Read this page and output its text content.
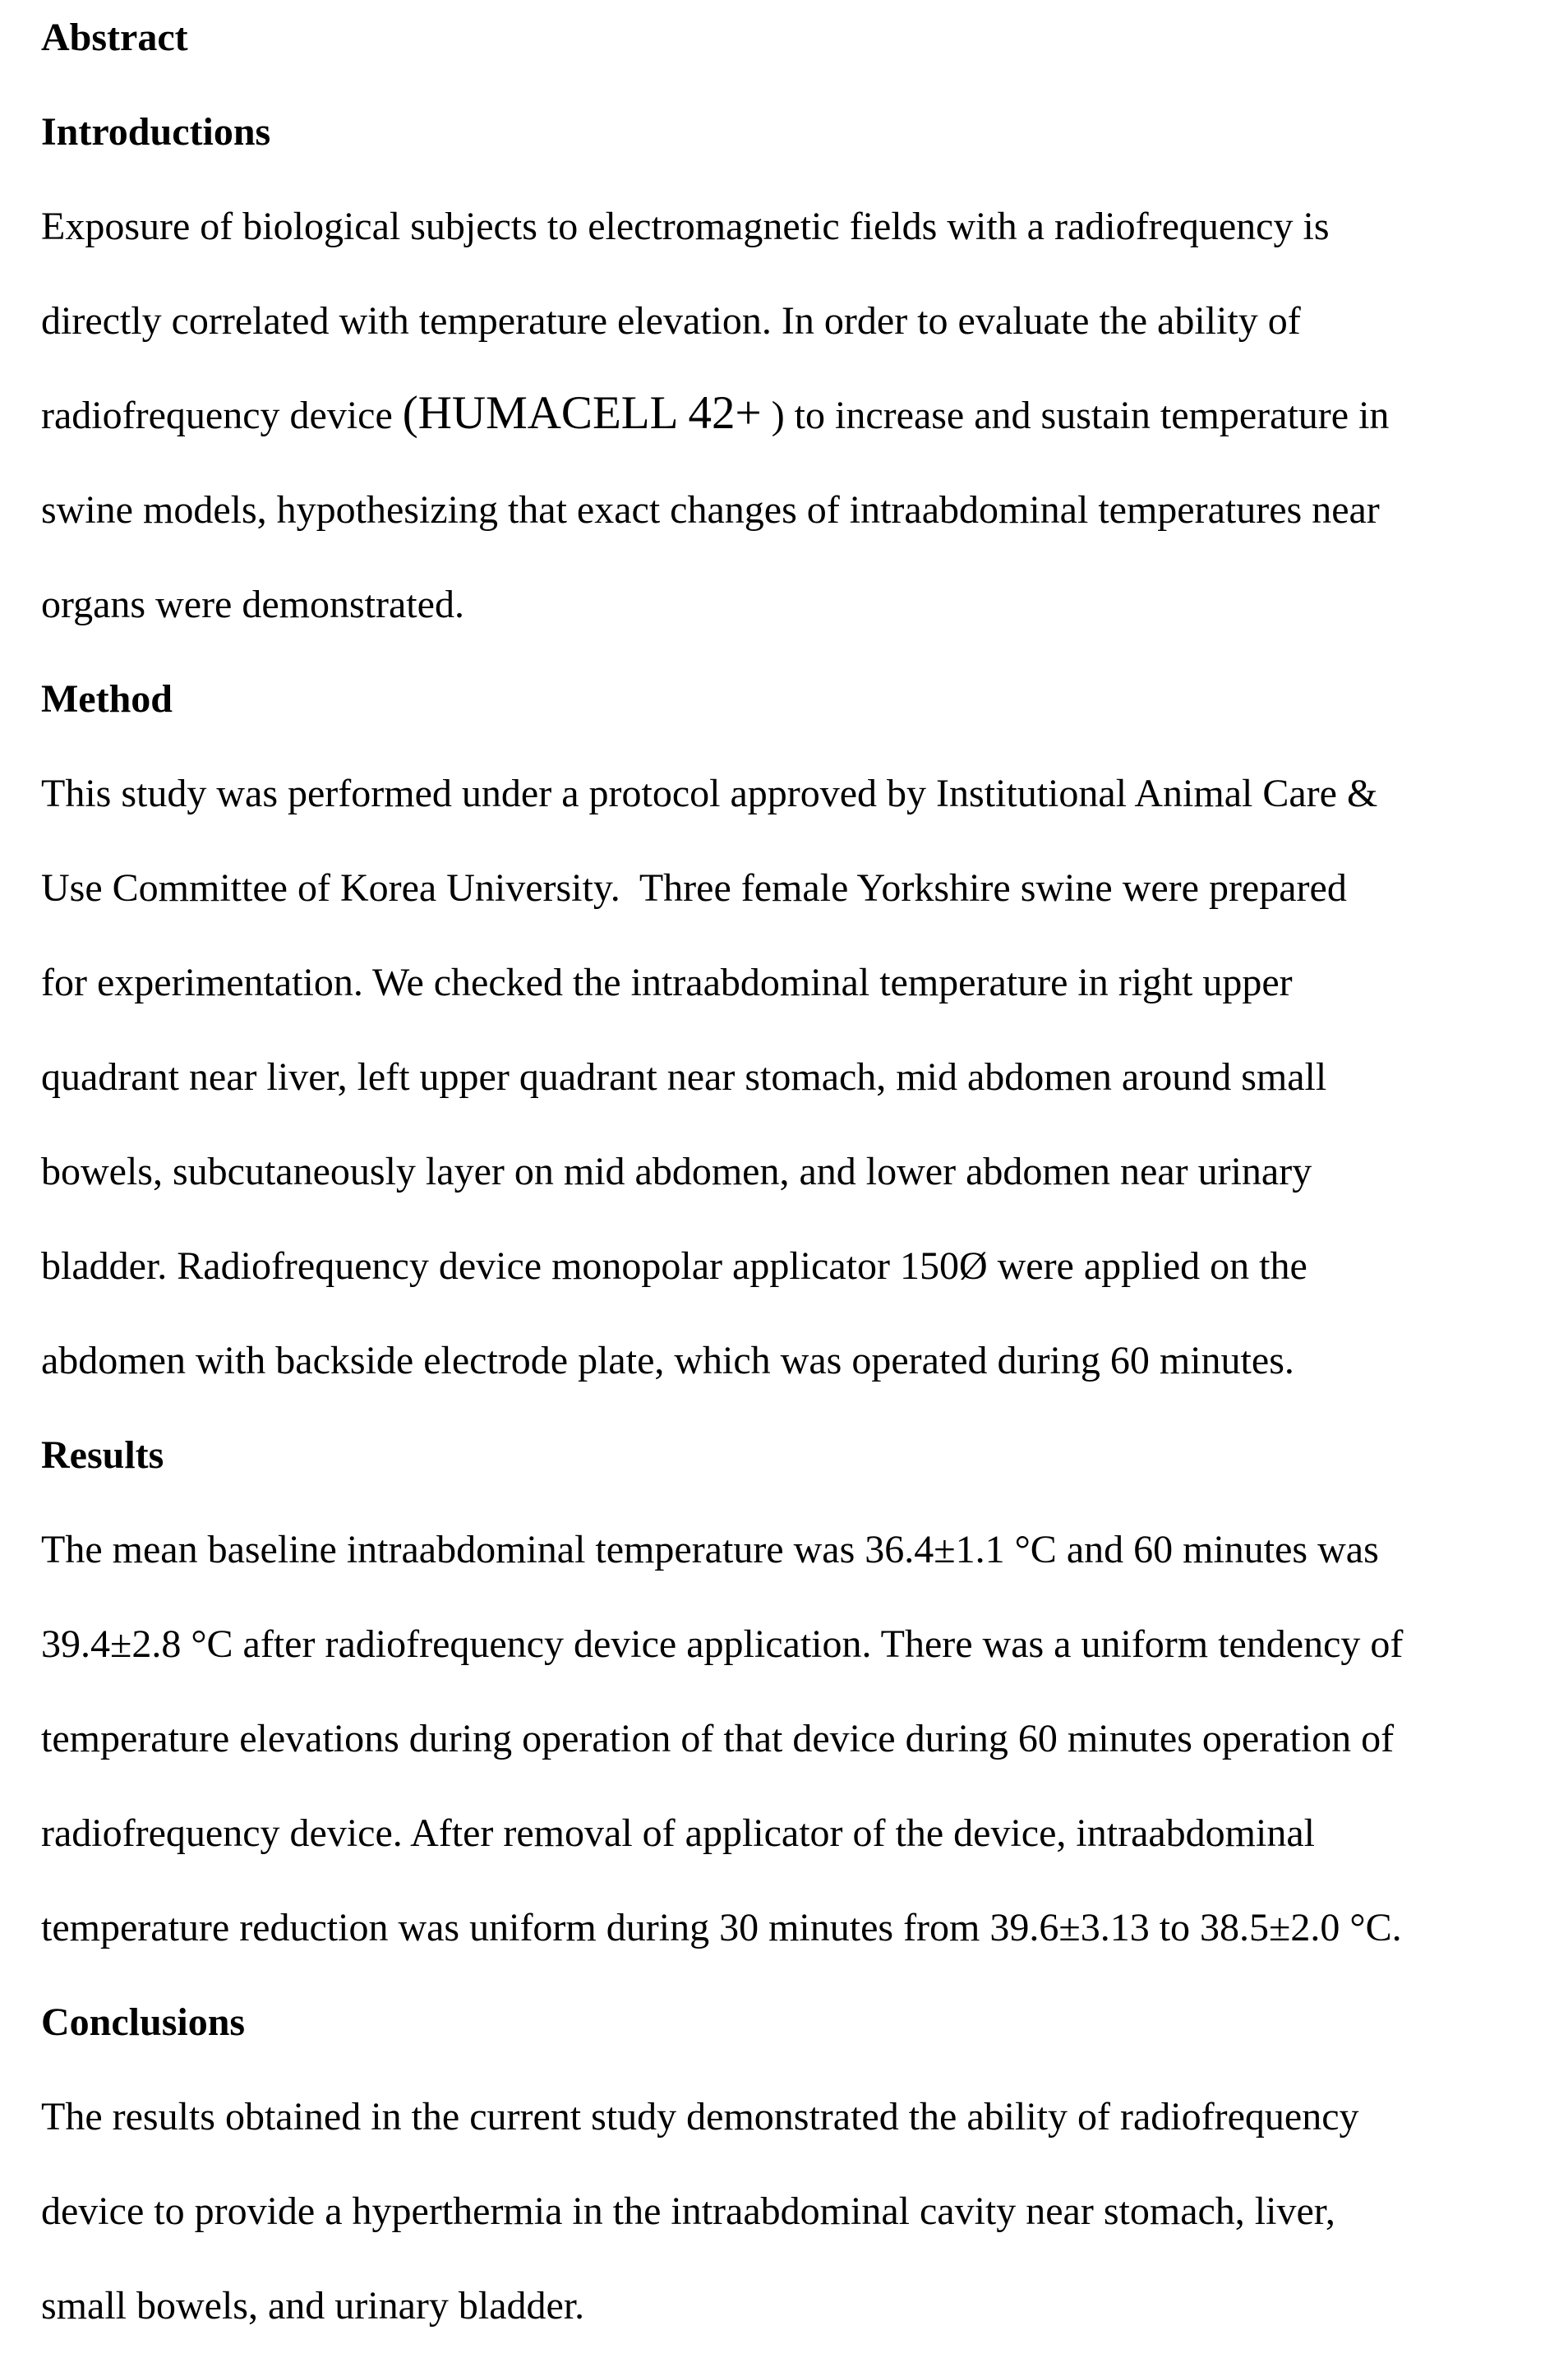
Abstract
Introductions
Exposure of biological subjects to electromagnetic fields with a radiofrequency is
directly correlated with temperature elevation. In order to evaluate the ability of
radiofrequency device (HUMACELL 42+ ) to increase and sustain temperature in
swine models, hypothesizing that exact changes of intraabdominal temperatures near
organs were demonstrated.
Method
This study was performed under a protocol approved by Institutional Animal Care &
Use Committee of Korea University.  Three female Yorkshire swine were prepared
for experimentation. We checked the intraabdominal temperature in right upper
quadrant near liver, left upper quadrant near stomach, mid abdomen around small
bowels, subcutaneously layer on mid abdomen, and lower abdomen near urinary
bladder. Radiofrequency device monopolar applicator 150Ø were applied on the
abdomen with backside electrode plate, which was operated during 60 minutes.
Results
The mean baseline intraabdominal temperature was 36.4±1.1 °C and 60 minutes was
39.4±2.8 °C after radiofrequency device application. There was a uniform tendency of
temperature elevations during operation of that device during 60 minutes operation of
radiofrequency device. After removal of applicator of the device, intraabdominal
temperature reduction was uniform during 30 minutes from 39.6±3.13 to 38.5±2.0 °C.
Conclusions
The results obtained in the current study demonstrated the ability of radiofrequency
device to provide a hyperthermia in the intraabdominal cavity near stomach, liver,
small bowels, and urinary bladder.
